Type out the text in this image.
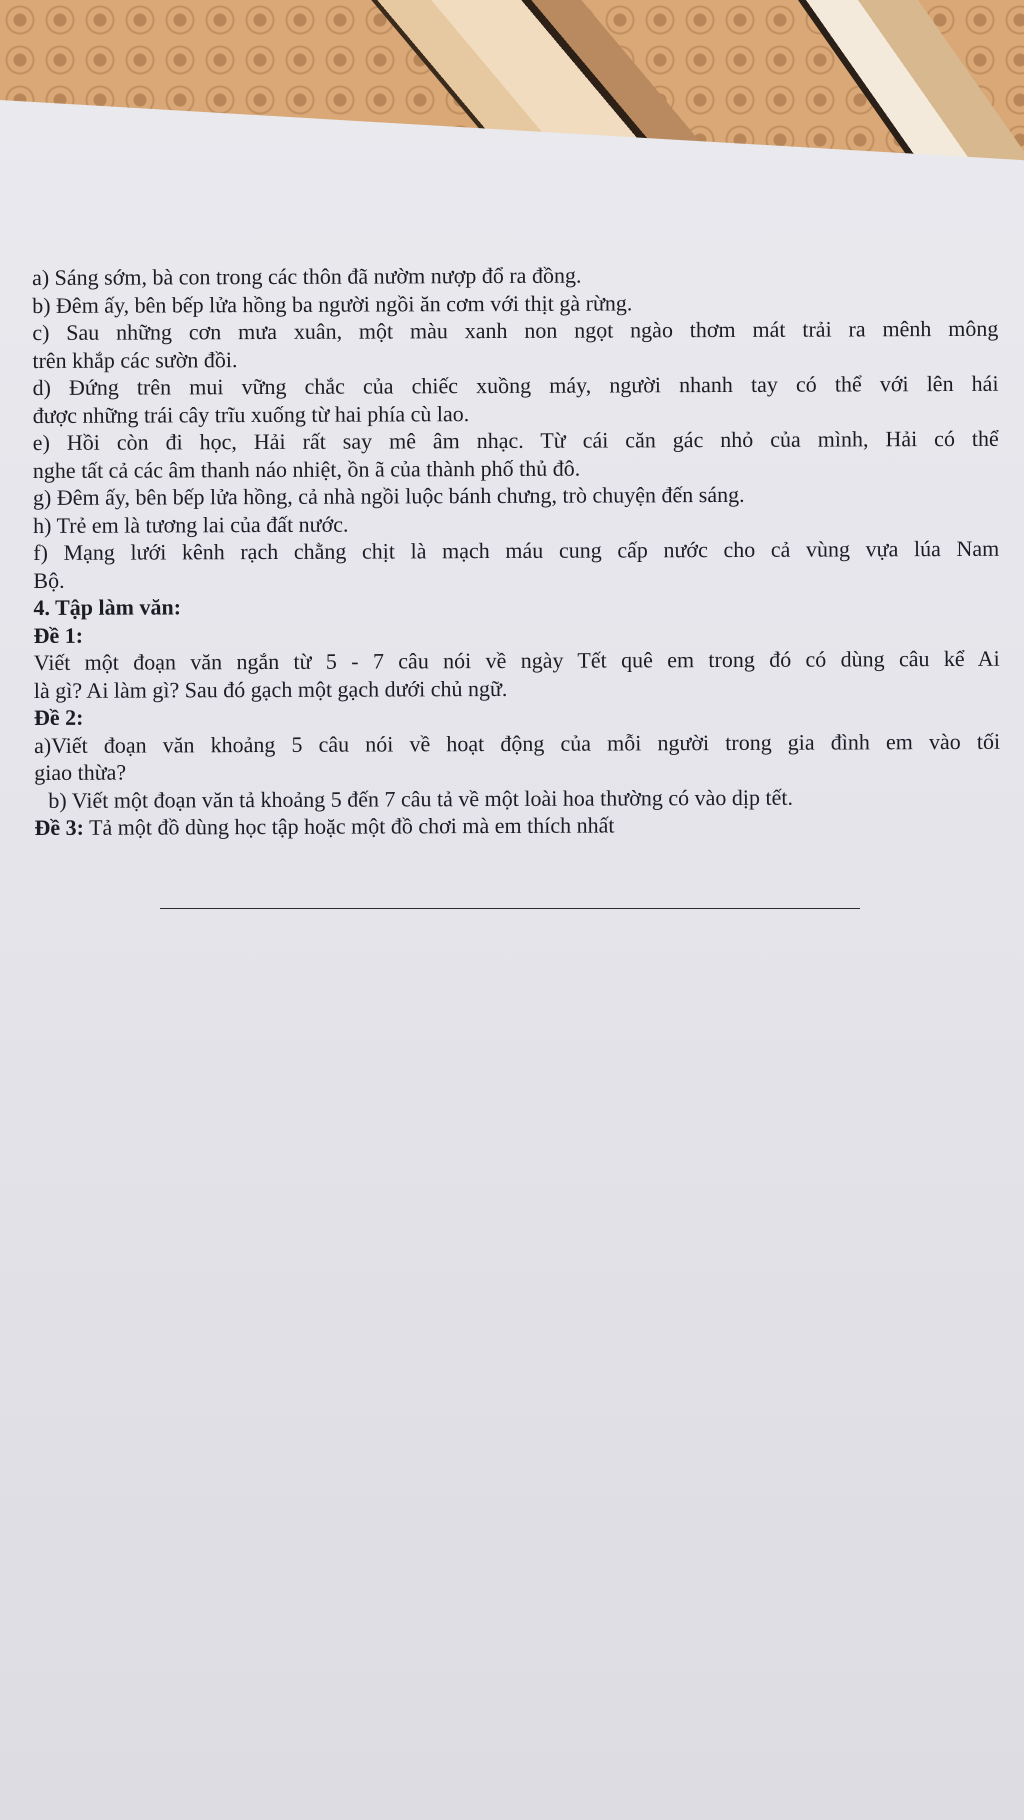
a) Sáng sớm, bà con trong các thôn đã nườm nượp đổ ra đồng.

b) Đêm ấy, bên bếp lửa hồng ba người ngồi ăn cơm với thịt gà rừng.

c) Sau những cơn mưa xuân, một màu xanh non ngọt ngào thơm mát trải ra mênh mông

trên khắp các sườn đồi.

d) Đứng trên mui vững chắc của chiếc xuồng máy, người nhanh tay có thể với lên hái

được những trái cây trĩu xuống từ hai phía cù lao.

e) Hồi còn đi học, Hải rất say mê âm nhạc. Từ cái căn gác nhỏ của mình, Hải có thể

nghe tất cả các âm thanh náo nhiệt, ồn ã của thành phố thủ đô.

g) Đêm ấy, bên bếp lửa hồng, cả nhà ngồi luộc bánh chưng, trò chuyện đến sáng.

h) Trẻ em là tương lai của đất nước.

f) Mạng lưới kênh rạch chằng chịt là mạch máu cung cấp nước cho cả vùng vựa lúa Nam

Bộ.

4. Tập làm văn:

Đề 1:

Viết một đoạn văn ngắn từ 5 - 7 câu nói về ngày Tết quê em trong đó có dùng câu kể Ai

là gì? Ai làm gì? Sau đó gạch một gạch dưới chủ ngữ.

Đề 2:

a)Viết đoạn văn khoảng 5 câu nói về hoạt động của mỗi người trong gia đình em vào tối

giao thừa?

b) Viết một đoạn văn tả khoảng 5 đến 7 câu tả về một loài hoa thường có vào dịp tết.

Đề 3: Tả một đồ dùng học tập hoặc một đồ chơi mà em thích nhất
